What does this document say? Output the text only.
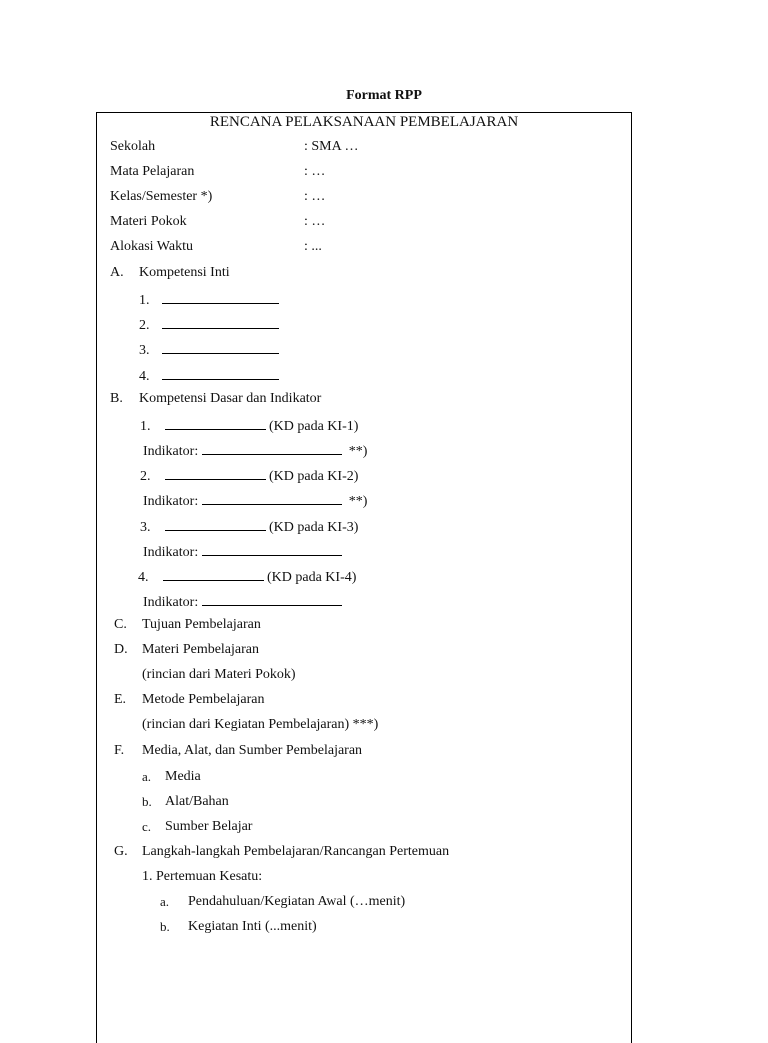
Format RPP
RENCANA PELAKSANAAN PEMBELAJARAN
Sekolah	: SMA …
Mata Pelajaran	: …
Kelas/Semester *)	: …
Materi Pokok	: …
Alokasi Waktu	: ...
A. Kompetensi Inti
1.
2.
3.
4.
B. Kompetensi Dasar dan Indikator
1.	(KD pada KI-1)
Indikator:	**)
2.	(KD pada KI-2)
Indikator:	**)
3.	(KD pada KI-3)
Indikator:
4.	(KD pada KI-4)
Indikator:
C. Tujuan Pembelajaran
D. Materi Pembelajaran
(rincian dari Materi Pokok)
E. Metode Pembelajaran
(rincian dari Kegiatan Pembelajaran) ***)
F. Media, Alat, dan Sumber Pembelajaran
a. Media
b. Alat/Bahan
c. Sumber Belajar
G. Langkah-langkah Pembelajaran/Rancangan Pertemuan
1. Pertemuan Kesatu:
a. Pendahuluan/Kegiatan Awal (…menit)
b. Kegiatan Inti (...menit)
